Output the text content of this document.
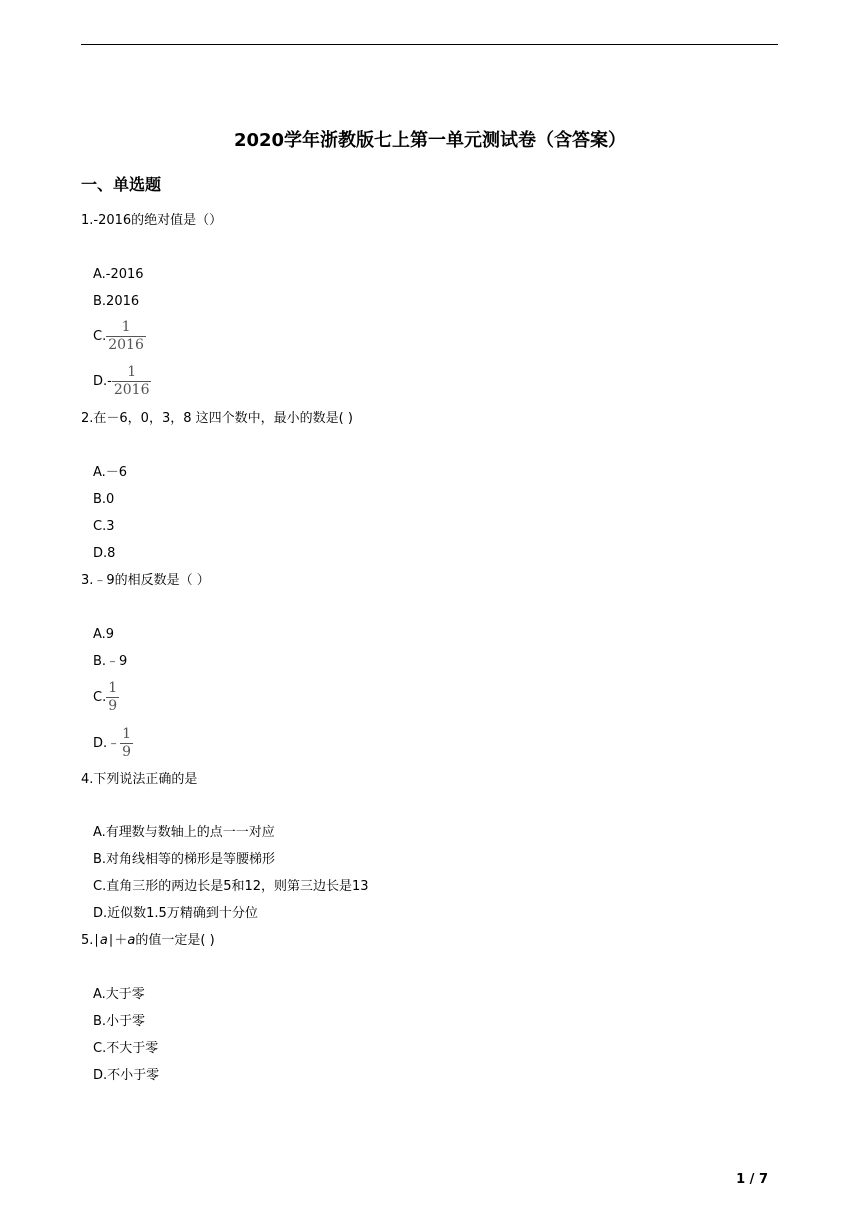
2020学年浙教版七上第一单元测试卷（含答案）
一、单选题
1.-2016的绝对值是（）
A.-2016
B.2016
C. $\frac{1}{2016}$
$D.- \frac{1}{2016}$
2.在－6，0，3，8 这四个数中，最小的数是( )
A.－6
B.0
C.3
D.8
3.﹣9的相反数是（ ）
A.9
B.﹣9
C. $\frac{1}{9}$
D.﹣ $\frac{1}{9}$
4.下列说法正确的是
A.有理数与数轴上的点一一对应
B.对角线相等的梯形是等腰梯形
C.直角三形的两边长是5和12，则第三边长是13
D.近似数1.5万精确到十分位
5.∣a∣＋a的值一定是( )
A.大于零
B.小于零
C.不大于零
D.不小于零
1 / 7
